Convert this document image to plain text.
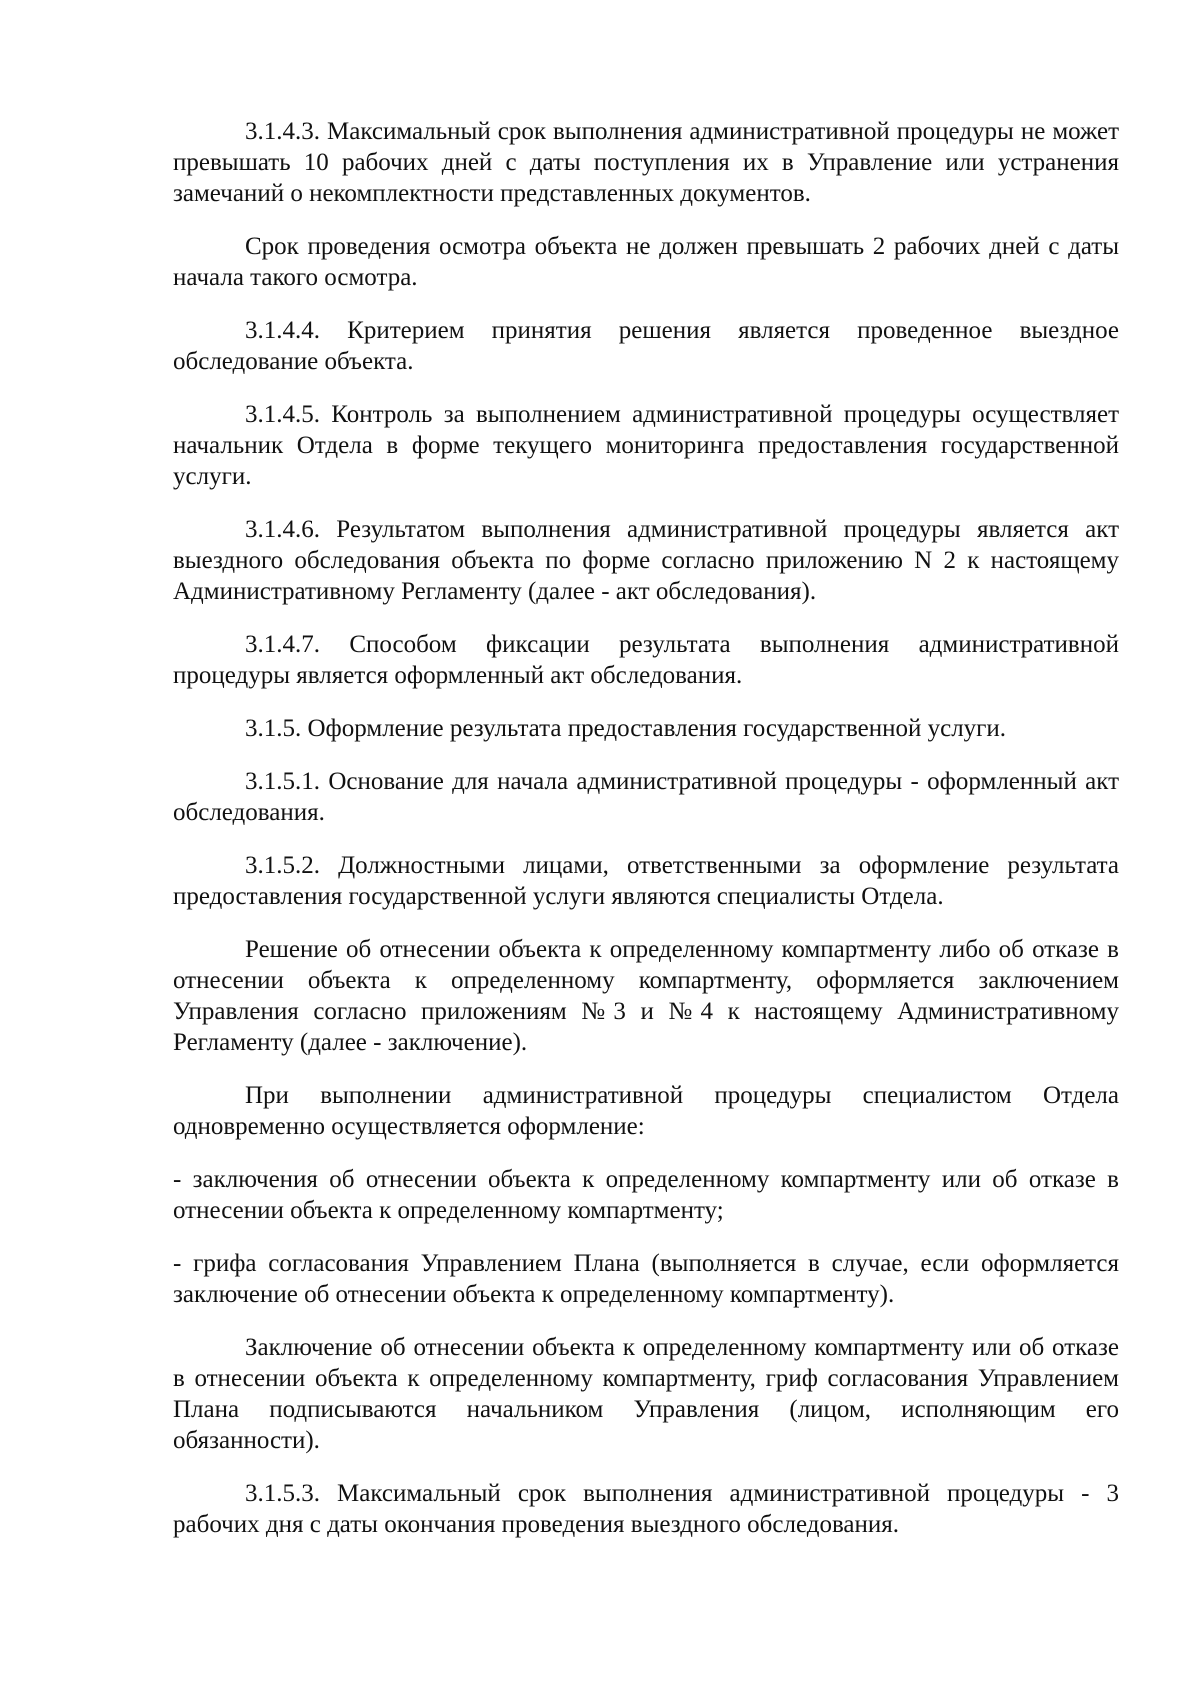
3.1.4.3. Максимальный срок выполнения административной процедуры не может превышать 10 рабочих дней с даты поступления их в Управление или устранения замечаний о некомплектности представленных документов.

Срок проведения осмотра объекта не должен превышать 2 рабочих дней с даты начала такого осмотра.

3.1.4.4. Критерием принятия решения является проведенное выездное обследование объекта.

3.1.4.5. Контроль за выполнением административной процедуры осуществляет начальник Отдела в форме текущего мониторинга предоставления государственной услуги.

3.1.4.6. Результатом выполнения административной процедуры является акт выездного обследования объекта по форме согласно приложению N 2 к настоящему Административному Регламенту (далее - акт обследования).

3.1.4.7. Способом фиксации результата выполнения административной процедуры является оформленный акт обследования.

3.1.5. Оформление результата предоставления государственной услуги.

3.1.5.1. Основание для начала административной процедуры - оформленный акт обследования.

3.1.5.2. Должностными лицами, ответственными за оформление результата предоставления государственной услуги являются специалисты Отдела.

Решение об отнесении объекта к определенному компартменту либо об отказе в отнесении объекта к определенному компартменту, оформляется заключением Управления согласно приложениям №3 и №4 к настоящему Административному Регламенту (далее - заключение).

При выполнении административной процедуры специалистом Отдела одновременно осуществляется оформление:

- заключения об отнесении объекта к определенному компартменту или об отказе в отнесении объекта к определенному компартменту;

- грифа согласования Управлением Плана (выполняется в случае, если оформляется заключение об отнесении объекта к определенному компартменту).

Заключение об отнесении объекта к определенному компартменту или об отказе в отнесении объекта к определенному компартменту, гриф согласования Управлением Плана подписываются начальником Управления (лицом, исполняющим его обязанности).

3.1.5.3. Максимальный срок выполнения административной процедуры - 3 рабочих дня с даты окончания проведения выездного обследования.
